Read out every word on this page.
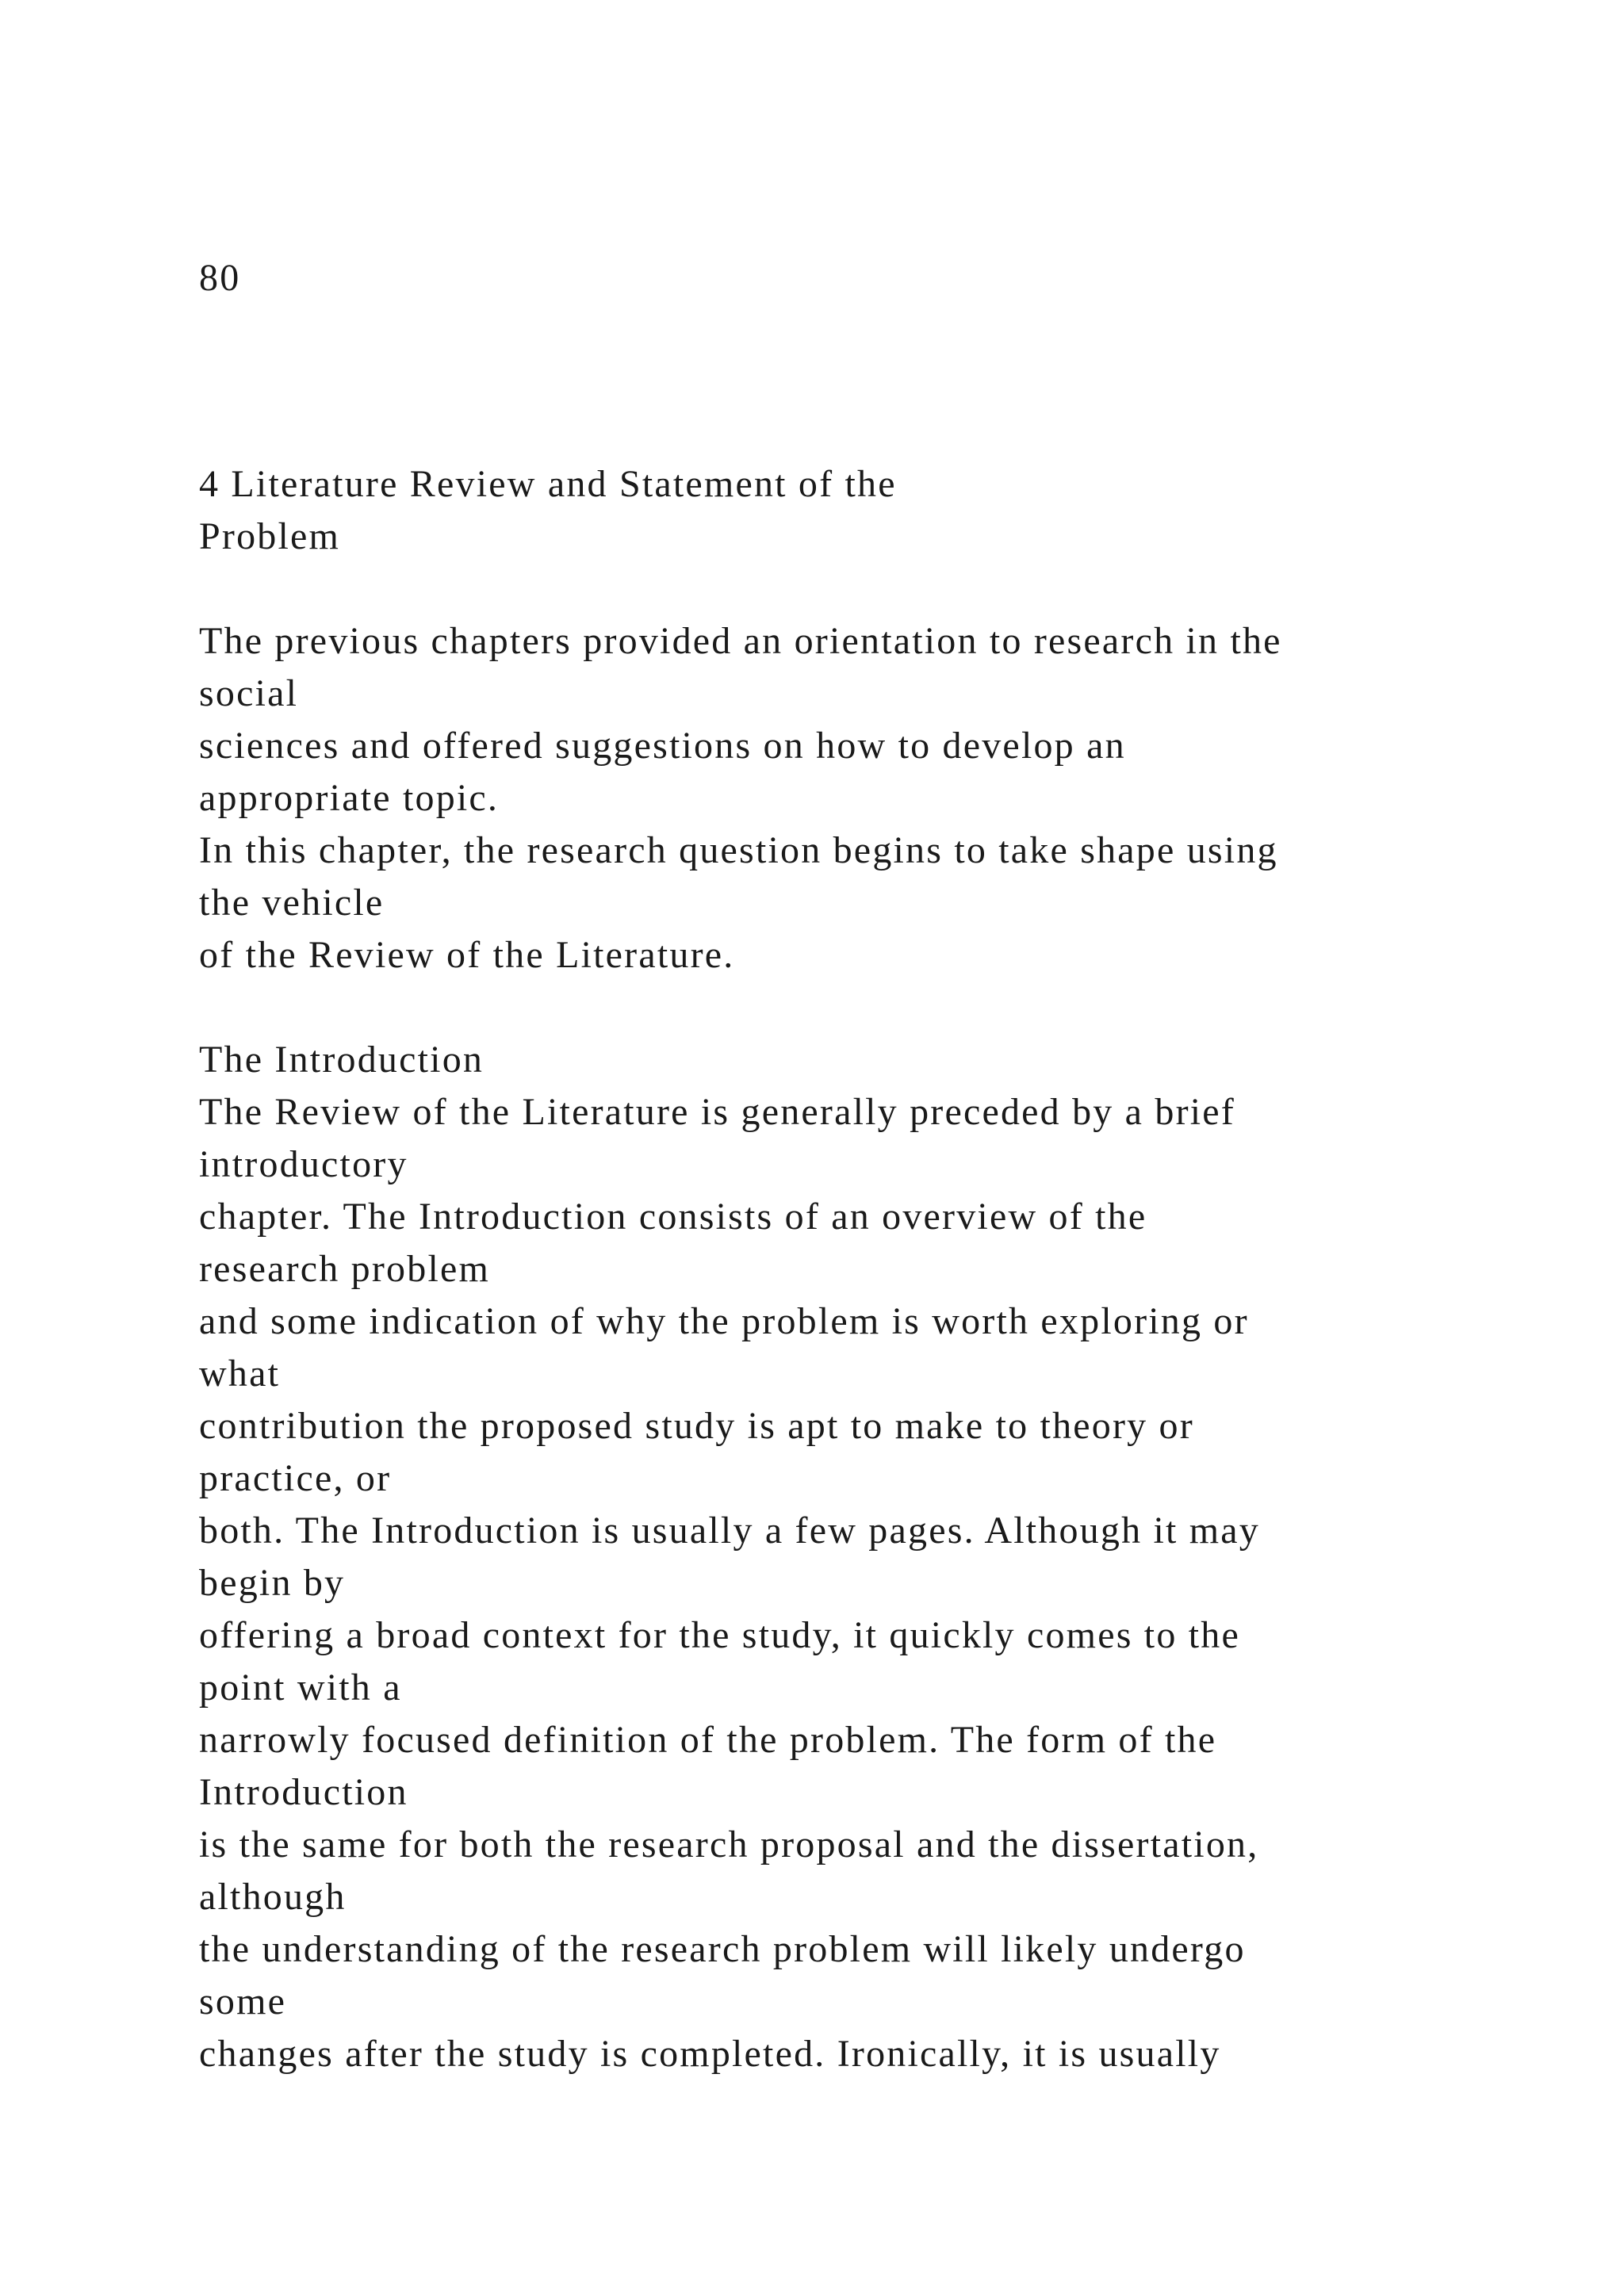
80

4 Literature Review and Statement of the

Problem

The previous chapters provided an orientation to research in the

social

sciences and offered suggestions on how to develop an

appropriate topic.

In this chapter, the research question begins to take shape using

the vehicle

of the Review of the Literature.

The Introduction

The Review of the Literature is generally preceded by a brief

introductory

chapter. The Introduction consists of an overview of the

research problem

and some indication of why the problem is worth exploring or

what

contribution the proposed study is apt to make to theory or

practice, or

both. The Introduction is usually a few pages. Although it may

begin by

offering a broad context for the study, it quickly comes to the

point with a

narrowly focused definition of the problem. The form of the

Introduction

is the same for both the research proposal and the dissertation,

although

the understanding of the research problem will likely undergo

some

changes after the study is completed. Ironically, it is usually
